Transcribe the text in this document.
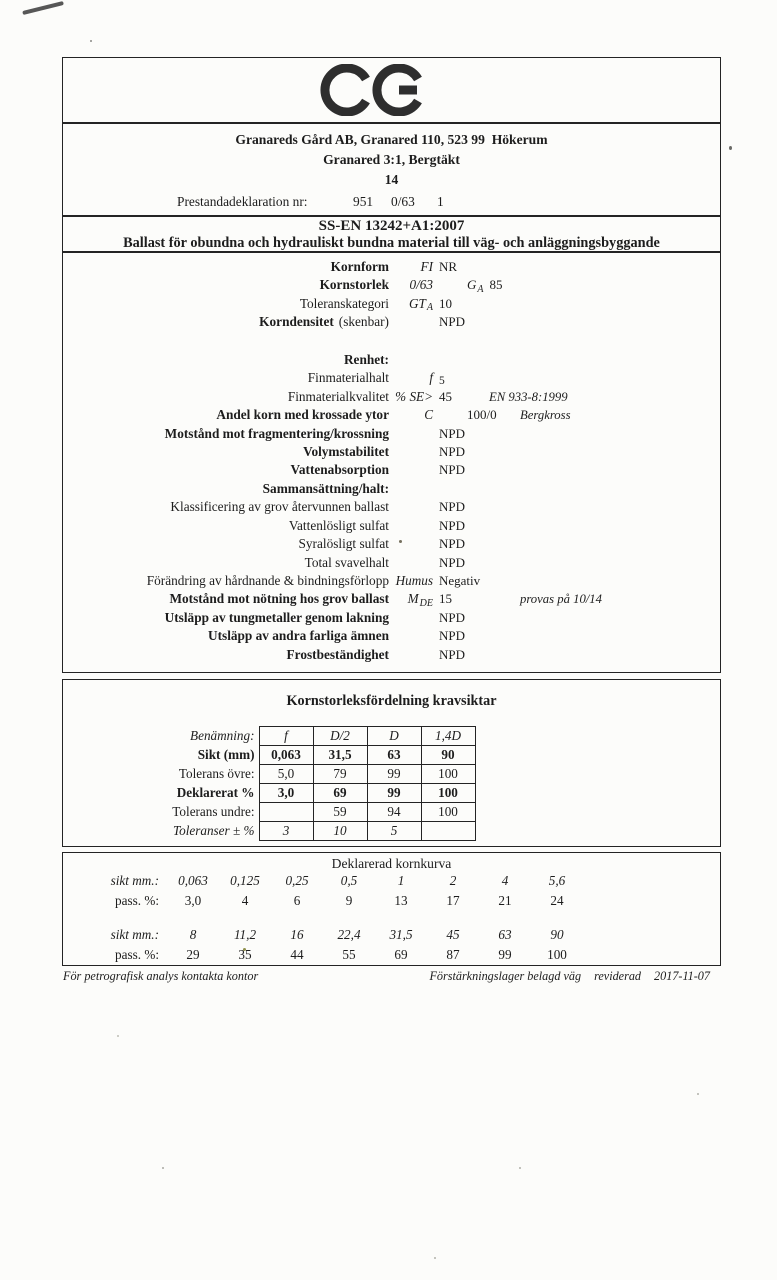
Granareds Gård AB, Granared 110, 523 99  Hökerum
Granared 3:1, Bergtäkt
14
Prestandadeklaration nr:	951 0/63 1
SS-EN 13242+A1:2007
Ballast för obundna och hydrauliskt bundna material till väg- och anläggningsbyggande
Kornform	FI NR
Kornstorlek	0/63	GA 85
Toleranskategori	GTA 10
Korndensitet (skenbar)	NPD
Renhet:
Finmaterialhalt	f 5
Finmaterialkvalitet % SE> 45	EN 933-8:1999
Andel korn med krossade ytor	C	100/0 Bergkross
Motstånd mot fragmentering/krossning	NPD
Volymstabilitet	NPD
Vattenabsorption	NPD
Sammansättning/halt:
Klassificering av grov återvunnen ballast	NPD
Vattenlösligt sulfat	NPD
Syralösligt sulfat	NPD
Total svavelhalt	NPD
Förändring av hårdnande & bindningsförlopp Humus Negativ
Motstånd mot nötning hos grov ballast	MDE 15	provas på 10/14
Utsläpp av tungmetaller genom lakning	NPD
Utsläpp av andra farliga ämnen	NPD
Frostbeständighet	NPD
Kornstorleksfördelning kravsiktar
Benämning:	f	D/2	D	1,4D
Sikt (mm)	0,063	31,5	63	90
Tolerans övre:	5,0	79	99	100
Deklarerat %	3,0	69	99	100
Tolerans undre:		59	94	100
Toleranser ± %	3	10	5	
Deklarerad kornkurva
sikt mm.:	0,063	0,125	0,25	0,5	1	2	4	5,6
pass. %:	3,0	4	6	9	13	17	21	24
sikt mm.:	8	11,2	16	22,4	31,5	45	63	90
pass. %:	29	35	44	55	69	87	99	100
För petrografisk analys kontakta kontor	Förstärkningslager belagd väg reviderad 2017-11-07
